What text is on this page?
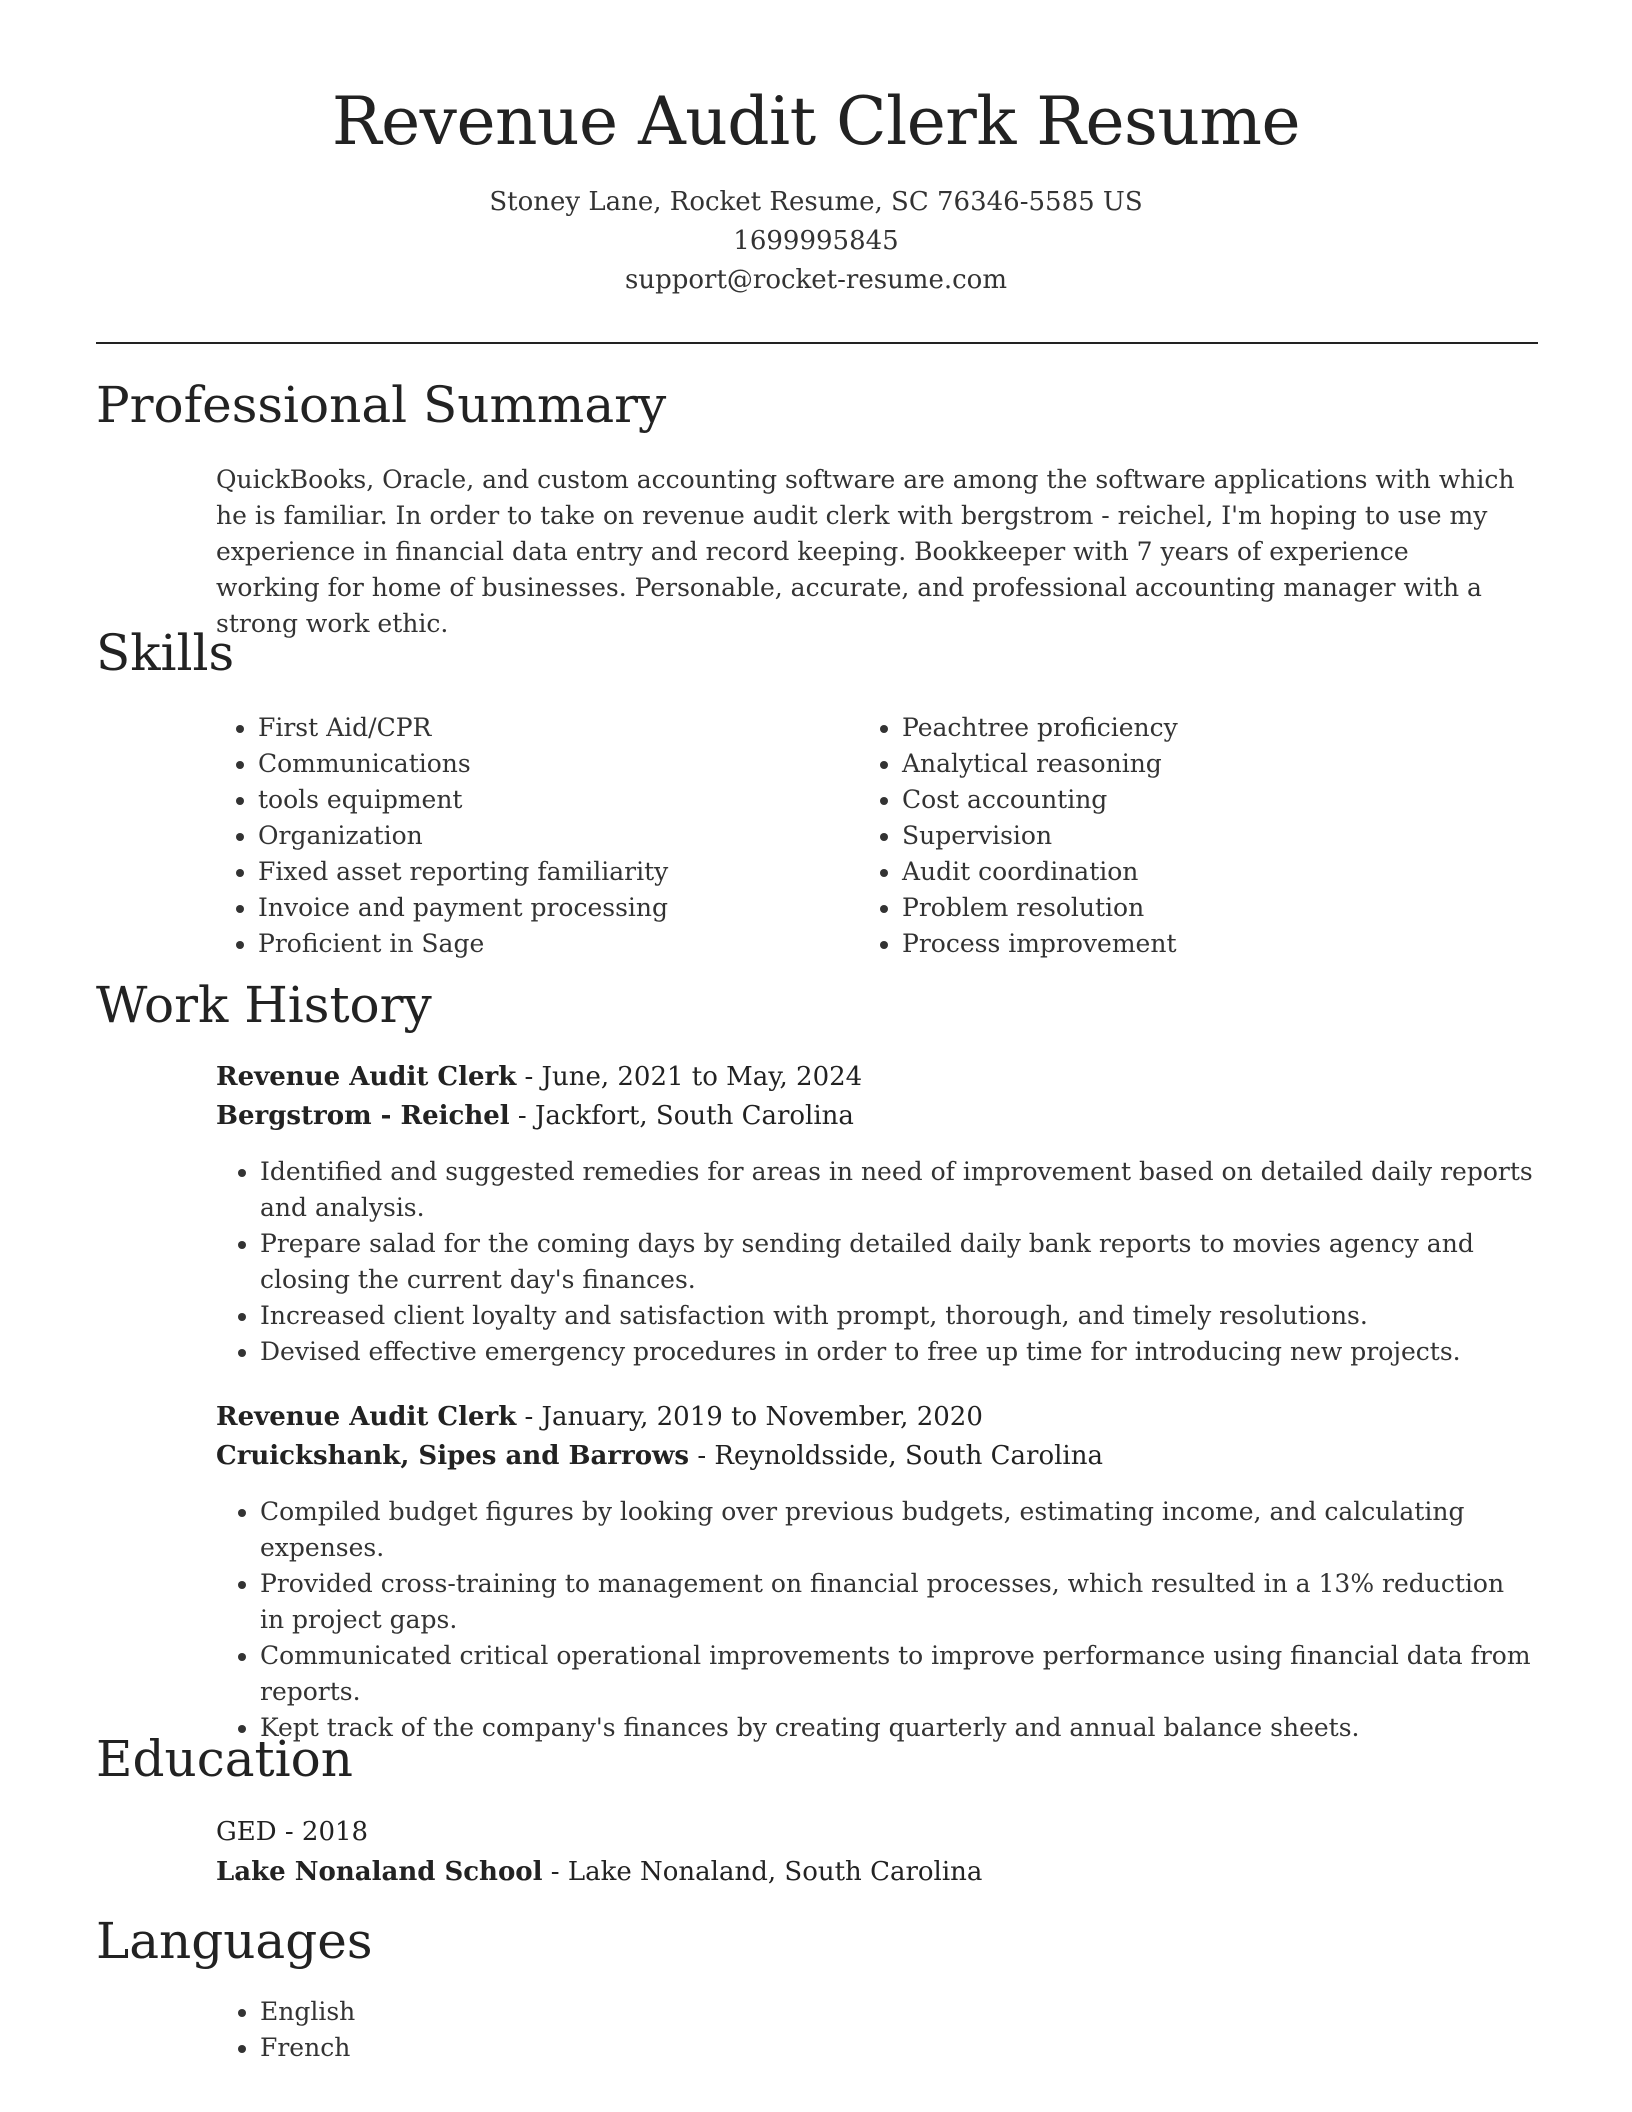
Revenue Audit Clerk Resume
Stoney Lane, Rocket Resume, SC 76346-5585 US
1699995845
support@rocket-resume.com
Professional Summary

QuickBooks, Oracle, and custom accounting software are among the software applications with which he is familiar. In order to take on revenue audit clerk with bergstrom - reichel, I'm hoping to use my experience in financial data entry and record keeping. Bookkeeper with 7 years of experience working for home of businesses. Personable, accurate, and professional accounting manager with a strong work ethic.

Skills
• First Aid/CPR
• Communications
• tools equipment
• Organization
• Fixed asset reporting familiarity
• Invoice and payment processing
• Proficient in Sage
• Peachtree proficiency
• Analytical reasoning
• Cost accounting
• Supervision
• Audit coordination
• Problem resolution
• Process improvement
Work History
Revenue Audit Clerk - June, 2021 to May, 2024
Bergstrom - Reichel - Jackfort, South Carolina
• Identified and suggested remedies for areas in need of improvement based on detailed daily reports and analysis.
• Prepare salad for the coming days by sending detailed daily bank reports to movies agency and closing the current day's finances.
• Increased client loyalty and satisfaction with prompt, thorough, and timely resolutions.
• Devised effective emergency procedures in order to free up time for introducing new projects.
Revenue Audit Clerk - January, 2019 to November, 2020
Cruickshank, Sipes and Barrows - Reynoldsside, South Carolina
• Compiled budget figures by looking over previous budgets, estimating income, and calculating expenses.
• Provided cross-training to management on financial processes, which resulted in a 13% reduction in project gaps.
• Communicated critical operational improvements to improve performance using financial data from reports.
• Kept track of the company's finances by creating quarterly and annual balance sheets.
Education
GED - 2018
Lake Nonaland School - Lake Nonaland, South Carolina
Languages
• English
• French
